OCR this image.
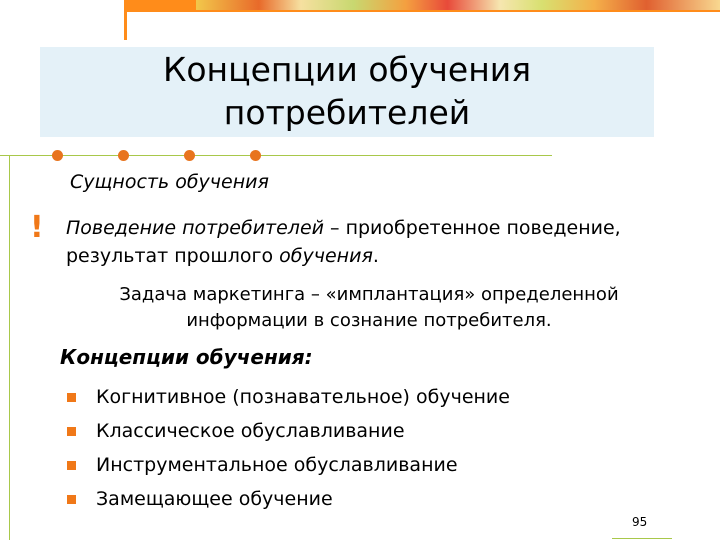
Концепции обучения потребителей
Сущность обучения
! Поведение потребителей – приобретенное поведение, результат прошлого обучения.
Задача маркетинга – «имплантация» определенной информации в сознание потребителя.
Концепции обучения:
Когнитивное (познавательное) обучение
Классическое обуславливание
Инструментальное обуславливание
Замещающее обучение
95
